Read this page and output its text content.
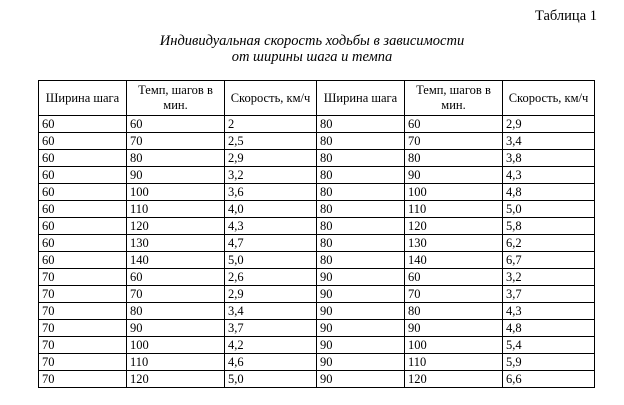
Таблица 1
Индивидуальная скорость ходьбы в зависимости
от ширины шага и темпа
Ширина шага	Темп, шагов в мин.	Скорость, км/ч	Ширина шага	Темп, шагов в мин.	Скорость, км/ч
60	60	2	80	60	2,9
60	70	2,5	80	70	3,4
60	80	2,9	80	80	3,8
60	90	3,2	80	90	4,3
60	100	3,6	80	100	4,8
60	110	4,0	80	110	5,0
60	120	4,3	80	120	5,8
60	130	4,7	80	130	6,2
60	140	5,0	80	140	6,7
70	60	2,6	90	60	3,2
70	70	2,9	90	70	3,7
70	80	3,4	90	80	4,3
70	90	3,7	90	90	4,8
70	100	4,2	90	100	5,4
70	110	4,6	90	110	5,9
70	120	5,0	90	120	6,6
